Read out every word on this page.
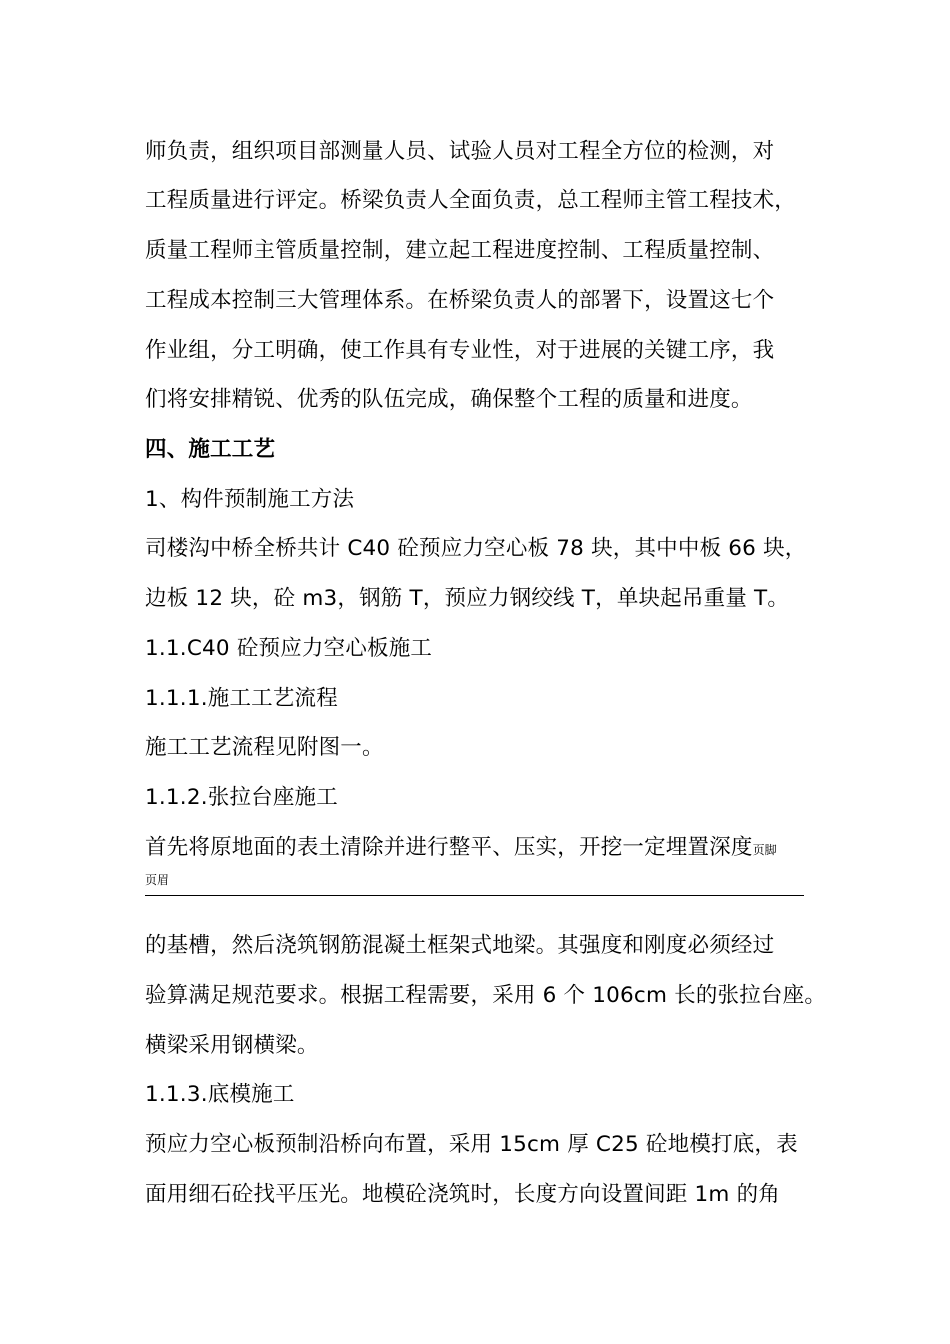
师负责，组织项目部测量人员、试验人员对工程全方位的检测，对
工程质量进行评定。桥梁负责人全面负责，总工程师主管工程技术，
质量工程师主管质量控制，建立起工程进度控制、工程质量控制、
工程成本控制三大管理体系。在桥梁负责人的部署下，设置这七个
作业组，分工明确，使工作具有专业性，对于进展的关键工序，我
们将安排精锐、优秀的队伍完成，确保整个工程的质量和进度。
四、施工工艺
1、构件预制施工方法
司楼沟中桥全桥共计 C40 砼预应力空心板 78 块，其中中板 66 块，
边板 12 块，砼 m3，钢筋 T，预应力钢绞线 T，单块起吊重量 T。
1.1.C40 砼预应力空心板施工
1.1.1.施工工艺流程
施工工艺流程见附图一。
1.1.2.张拉台座施工
首先将原地面的表土清除并进行整平、压实，开挖一定埋置深度页脚
页眉
的基槽，然后浇筑钢筋混凝土框架式地梁。其强度和刚度必须经过
验算满足规范要求。根据工程需要，采用 6 个 106cm 长的张拉台座。
横梁采用钢横梁。
1.1.3.底模施工
预应力空心板预制沿桥向布置，采用 15cm 厚 C25 砼地模打底，表
面用细石砼找平压光。地模砼浇筑时，长度方向设置间距 1m 的角
